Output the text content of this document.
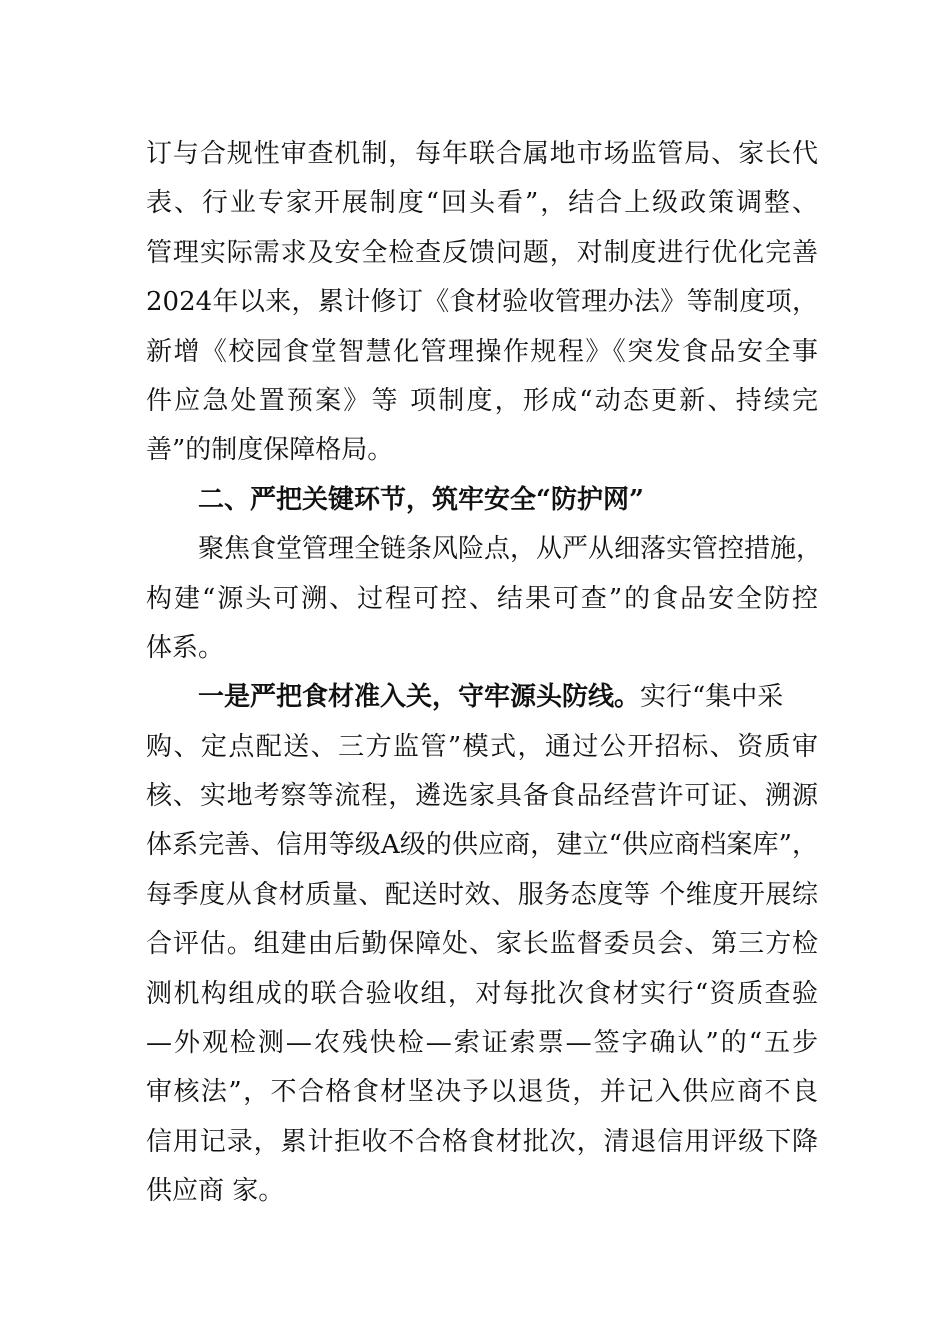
订与合规性审查机制，每年联合属地市场监管局、家长代
表、行业专家开展制度“回头看”，结合上级政策调整、
管理实际需求及安全检查反馈问题，对制度进行优化完善
2024年以来，累计修订《食材验收管理办法》等制度项，
新增《校园食堂智慧化管理操作规程》《突发食品安全事
件应急处置预案》等 项制度，形成“动态更新、持续完
善”的制度保障格局。
二、严把关键环节，筑牢安全“防护网”
聚焦食堂管理全链条风险点，从严从细落实管控措施，
构建“源头可溯、过程可控、结果可查”的食品安全防控
体系。
一是严把食材准入关，守牢源头防线。实行“集中采
购、定点配送、三方监管”模式，通过公开招标、资质审
核、实地考察等流程，遴选家具备食品经营许可证、溯源
体系完善、信用等级A级的供应商，建立“供应商档案库”，
每季度从食材质量、配送时效、服务态度等 个维度开展综
合评估。组建由后勤保障处、家长监督委员会、第三方检
测机构组成的联合验收组，对每批次食材实行“资质查验
—外观检测—农残快检—索证索票—签字确认”的“五步
审核法”，不合格食材坚决予以退货，并记入供应商不良
信用记录，累计拒收不合格食材批次，清退信用评级下降
供应商 家。
